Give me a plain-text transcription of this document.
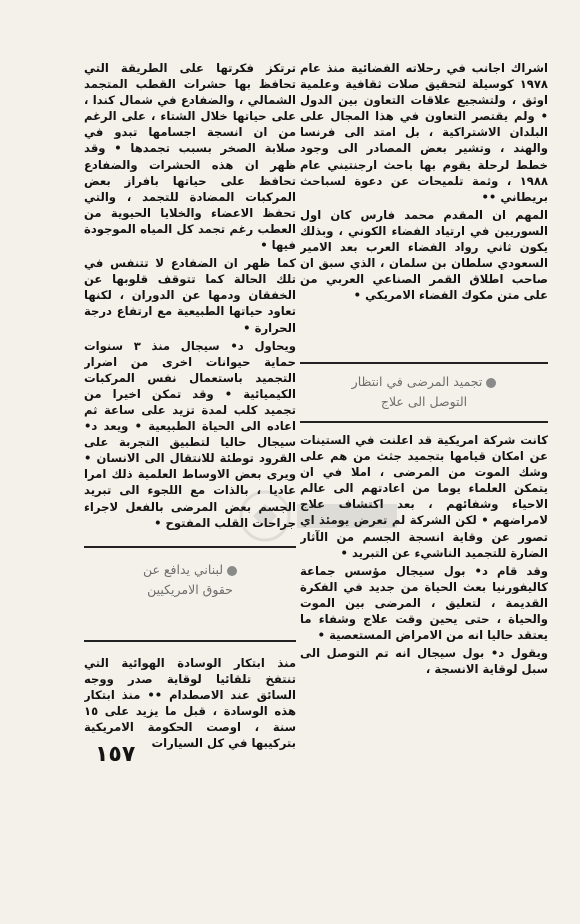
اشراك اجانب في رحلاته الفضائية منذ عام ١٩٧٨ كوسيلة لتحقيق صلات ثقافية وعلمية اوثق ، ولتشجيع علاقات التعاون بين الدول • ولم يقتصر التعاون في هذا المجال على البلدان الاشتراكية ، بل امتد الى فرنسا والهند ، وتشير بعض المصادر الى وجود خطط لرحلة يقوم بها باحث ارجنتيني عام ١٩٨٨ ، وثمة تلميحات عن دعوة لسباحث بريطاني ••

المهم ان المقدم محمد فارس كان اول السوريين في ارتياد الفضاء الكوني ، وبذلك يكون ثاني رواد الفضاء العرب بعد الامير السعودي سلطان بن سلمان ، الذي سبق ان صاحب اطلاق القمر الصناعي العربي من على متن مكوك الفضاء الامريكي •

تجميد المرضى في انتظار
التوصل الى علاج

كانت شركة امريكية قد اعلنت في الستينات عن امكان قيامها بتجميد جثث من هم على وشك الموت من المرضى ، املا في ان يتمكن العلماء يوما من اعادتهم الى عالم الاحياء وشفائهم ، بعد اكتشاف علاج لامراضهم • لكن الشركة لم تعرض يومئذ اي تصور عن وقاية انسجة الجسم من الآثار الضارة للتجميد الناشيء عن التبريد •

وقد قام د• بول سيجال مؤسس جماعة كاليفورنيا بعث الحياة من جديد في الفكرة القديمة ، لتعليق ، المرضى بين الموت والحياة ، حتى يحين وقت علاج وشفاء ما يعتقد حاليا انه من الامراض المستعصية •

ويقول د• بول سيجال انه تم التوصل الى سبل لوقاية الانسجة ،

ترتكز فكرتها على الطريقة التي تحافظ بها حشرات القطب المتجمد الشمالي ، والضفادع في شمال كندا ، على حياتها خلال الشتاء ، على الرغم من ان انسجة اجسامها تبدو في صلابة الصخر بسبب تجمدها • وقد ظهر ان هذه الحشرات والضفادع تحافظ على حياتها بافراز بعض المركبات المضادة للتجمد ، والتي تحفظ الاعضاء والخلايا الحيوية من العطب رغم تجمد كل المياه الموجودة فيها •

كما ظهر ان الضفادع لا تتنفس في تلك الحالة كما تتوقف قلوبها عن الخفقان ودمها عن الدوران ، لكنها تعاود حياتها الطبيعية مع ارتفاع درجة الحرارة •

ويحاول د• سيجال منذ ٣ سنوات حماية حيوانات اخرى من اضرار التجميد باستعمال نفس المركبات الكيميائية • وقد تمكن اخيرا من تجميد كلب لمدة تزيد على ساعة ثم اعاده الى الحياة الطبيعية • ويعد د• سيجال حاليا لتطبيق التجربة على القرود توطئة للانتقال الى الانسان • ويرى بعض الاوساط العلمية ذلك امرا عاديا ، بالذات مع اللجوء الى تبريد الجسم بعض المرضى بالفعل لاجراء جراحات القلب المفتوح •

لبناني يدافع عن
حقوق الامريكيين

منذ ابتكار الوسادة الهوائية التي تنتفخ تلقائيا لوقاية صدر ووجه السائق عند الاصطدام •• منذ ابتكار هذه الوسادة ، قبل ما يزيد على ١٥ سنة ، اوصت الحكومة الامريكية بتركيبها في كل السيارات

١٥٧
